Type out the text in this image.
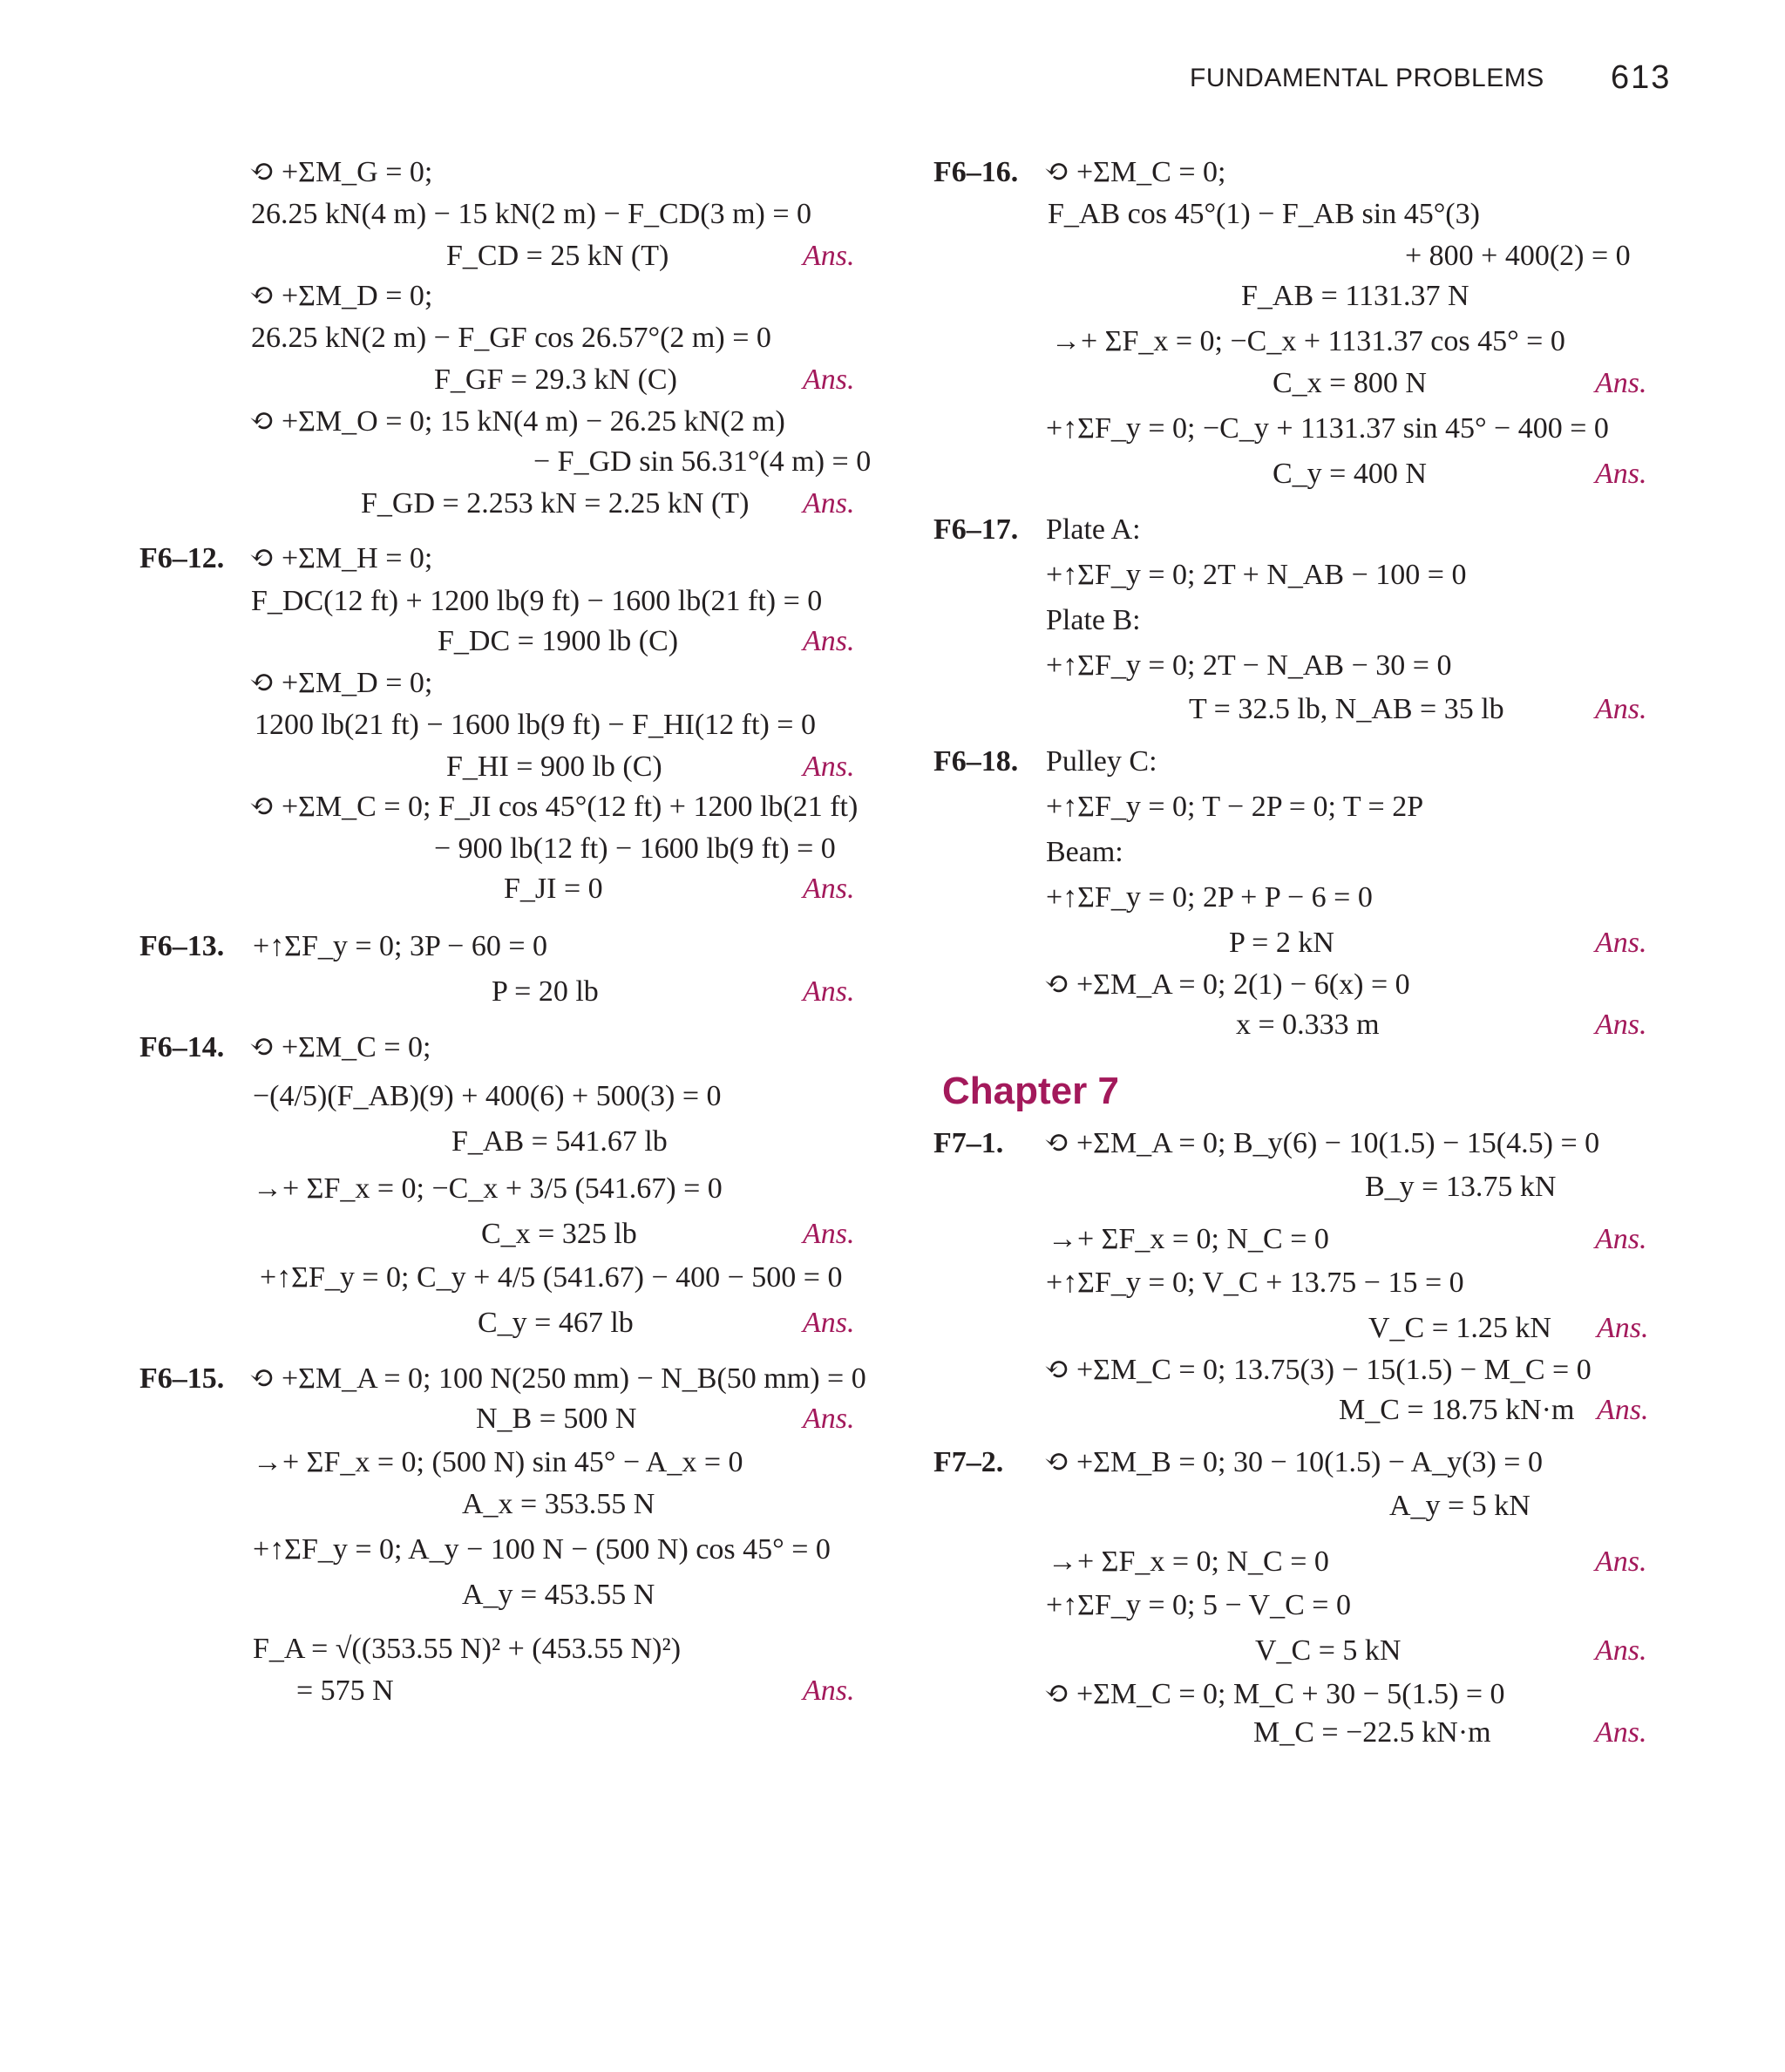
FUNDAMENTAL PROBLEMS 613
⟲ +ΣM_G = 0;
26.25 kN(4 m) − 15 kN(2 m) − F_CD(3 m) = 0
F_CD = 25 kN (T)	Ans.
⟲ +ΣM_D = 0;
26.25 kN(2 m) − F_GF cos 26.57°(2 m) = 0
F_GF = 29.3 kN (C)	Ans.
⟲ +ΣM_O = 0; 15 kN(4 m) − 26.25 kN(2 m)
− F_GD sin 56.31°(4 m) = 0
F_GD = 2.253 kN = 2.25 kN (T) Ans.
F6–12. ⟲ +ΣM_H = 0;
F_DC(12 ft) + 1200 lb(9 ft) − 1600 lb(21 ft) = 0
F_DC = 1900 lb (C)	Ans.
⟲ +ΣM_D = 0;
1200 lb(21 ft) − 1600 lb(9 ft) − F_HI(12 ft) = 0
F_HI = 900 lb (C)	Ans.
⟲ +ΣM_C = 0; F_JI cos 45°(12 ft) + 1200 lb(21 ft)
− 900 lb(12 ft) − 1600 lb(9 ft) = 0
F_JI = 0	Ans.
F6–13. +↑ΣF_y = 0; 3P − 60 = 0
P = 20 lb	Ans.
F6–14. ⟲ +ΣM_C = 0;
−(4/5)(F_AB)(9) + 400(6) + 500(3) = 0
F_AB = 541.67 lb
→+ ΣF_x = 0; −C_x + 3/5 (541.67) = 0
C_x = 325 lb	Ans.
+↑ΣF_y = 0; C_y + 4/5 (541.67) − 400 − 500 = 0
C_y = 467 lb	Ans.
F6–15. ⟲ +ΣM_A = 0; 100 N(250 mm) − N_B(50 mm) = 0
N_B = 500 N	Ans.
→+ ΣF_x = 0; (500 N) sin 45° − A_x = 0
A_x = 353.55 N
+↑ΣF_y = 0; A_y − 100 N − (500 N) cos 45° = 0
A_y = 453.55 N
F_A = √((353.55 N)² + (453.55 N)²)
= 575 N	Ans.
F6–16. ⟲ +ΣM_C = 0;
F_AB cos 45°(1) − F_AB sin 45°(3)
+ 800 + 400(2) = 0
F_AB = 1131.37 N
→+ ΣF_x = 0; −C_x + 1131.37 cos 45° = 0
C_x = 800 N	Ans.
+↑ΣF_y = 0; −C_y + 1131.37 sin 45° − 400 = 0
C_y = 400 N	Ans.
F6–17. Plate A:
+↑ΣF_y = 0; 2T + N_AB − 100 = 0
Plate B:
+↑ΣF_y = 0; 2T − N_AB − 30 = 0
T = 32.5 lb, N_AB = 35 lb	Ans.
F6–18. Pulley C:
+↑ΣF_y = 0; T − 2P = 0; T = 2P
Beam:
+↑ΣF_y = 0; 2P + P − 6 = 0
P = 2 kN	Ans.
⟲ +ΣM_A = 0; 2(1) − 6(x) = 0
x = 0.333 m	Ans.
Chapter 7
F7–1. ⟲ +ΣM_A = 0; B_y(6) − 10(1.5) − 15(4.5) = 0
B_y = 13.75 kN
→+ ΣF_x = 0; N_C = 0	Ans.
+↑ΣF_y = 0; V_C + 13.75 − 15 = 0
V_C = 1.25 kN Ans.
⟲ +ΣM_C = 0; 13.75(3) − 15(1.5) − M_C = 0
M_C = 18.75 kN·m Ans.
F7–2. ⟲ +ΣM_B = 0; 30 − 10(1.5) − A_y(3) = 0
A_y = 5 kN
→+ ΣF_x = 0; N_C = 0	Ans.
+↑ΣF_y = 0; 5 − V_C = 0
V_C = 5 kN	Ans.
⟲ +ΣM_C = 0; M_C + 30 − 5(1.5) = 0
M_C = −22.5 kN·m	Ans.
